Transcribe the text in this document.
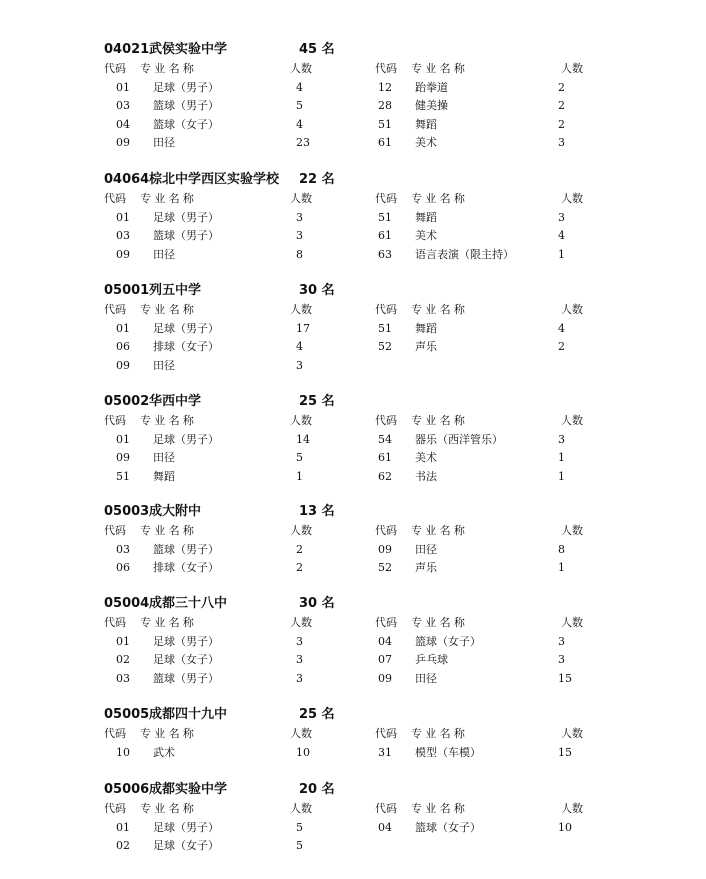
04021 武侯实验中学	45 名
代码 专业名称	人数	代码 专业名称	人数
01 足球（男子）	4	12 跆拳道	2
03 篮球（男子）	5	28 健美操	2
04 篮球（女子）	4	51 舞蹈	2
09 田径	23	61 美术	3
04064 棕北中学西区实验学校 22 名
代码 专业名称	人数	代码 专业名称	人数
01 足球（男子）	3	51 舞蹈	3
03 篮球（男子）	3	61 美术	4
09 田径	8	63 语言表演（限主持）	1
05001 列五中学	30 名
代码 专业名称	人数	代码 专业名称	人数
01 足球（男子）	17	51 舞蹈	4
06 排球（女子）	4	52 声乐	2
09 田径	3
05002 华西中学	25 名
代码 专业名称	人数	代码 专业名称	人数
01 足球（男子）	14	54 器乐（西洋管乐）	3
09 田径	5	61 美术	1
51 舞蹈	1	62 书法	1
05003 成大附中	13 名
代码 专业名称	人数	代码 专业名称	人数
03 篮球（男子）	2	09 田径	8
06 排球（女子）	2	52 声乐	1
05004 成都三十八中	30 名
代码 专业名称	人数	代码 专业名称	人数
01 足球（男子）	3	04 篮球（女子）	3
02 足球（女子）	3	07 乒乓球	3
03 篮球（男子）	3	09 田径	15
05005 成都四十九中	25 名
代码 专业名称	人数	代码 专业名称	人数
10 武术	10	31 模型（车模）	15
05006 成都实验中学	20 名
代码 专业名称	人数	代码 专业名称	人数
01 足球（男子）	5	04 篮球（女子）	10
02 足球（女子）	5
